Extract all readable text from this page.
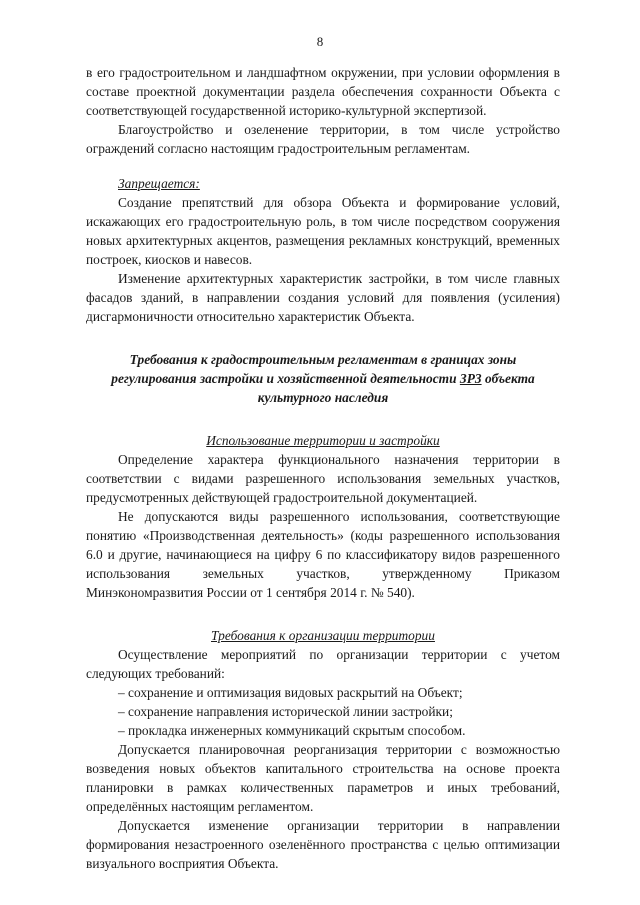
8

в его градостроительном и ландшафтном окружении, при условии оформления в составе проектной документации раздела обеспечения сохранности Объекта с соответствующей государственной историко-культурной экспертизой.

Благоустройство и озеленение территории, в том числе устройство ограждений согласно настоящим градостроительным регламентам.

Запрещается:

Создание препятствий для обзора Объекта и формирование условий, искажающих его градостроительную роль, в том числе посредством сооружения новых архитектурных акцентов, размещения рекламных конструкций, временных построек, киосков и навесов.

Изменение архитектурных характеристик застройки, в том числе главных фасадов зданий, в направлении создания условий для появления (усиления) дисгармоничности относительно характеристик Объекта.

Требования к градостроительным регламентам в границах зоны регулирования застройки и хозяйственной деятельности ЗР3 объекта культурного наследия
Использование территории и застройки

Определение характера функционального назначения территории в соответствии с видами разрешенного использования земельных участков, предусмотренных действующей градостроительной документацией.

Не допускаются виды разрешенного использования, соответствующие понятию «Производственная деятельность» (коды разрешенного использования 6.0 и другие, начинающиеся на цифру 6 по классификатору видов разрешенного использования земельных участков, утвержденному Приказом Минэкономразвития России от 1 сентября 2014 г. № 540).

Требования к организации территории

Осуществление мероприятий по организации территории с учетом следующих требований:

– сохранение и оптимизация видовых раскрытий на Объект;
– сохранение направления исторической линии застройки;
– прокладка инженерных коммуникаций скрытым способом.

Допускается планировочная реорганизация территории с возможностью возведения новых объектов капитального строительства на основе проекта планировки в рамках количественных параметров и иных требований, определённых настоящим регламентом.

Допускается изменение организации территории в направлении формирования незастроенного озеленённого пространства с целью оптимизации визуального восприятия Объекта.
